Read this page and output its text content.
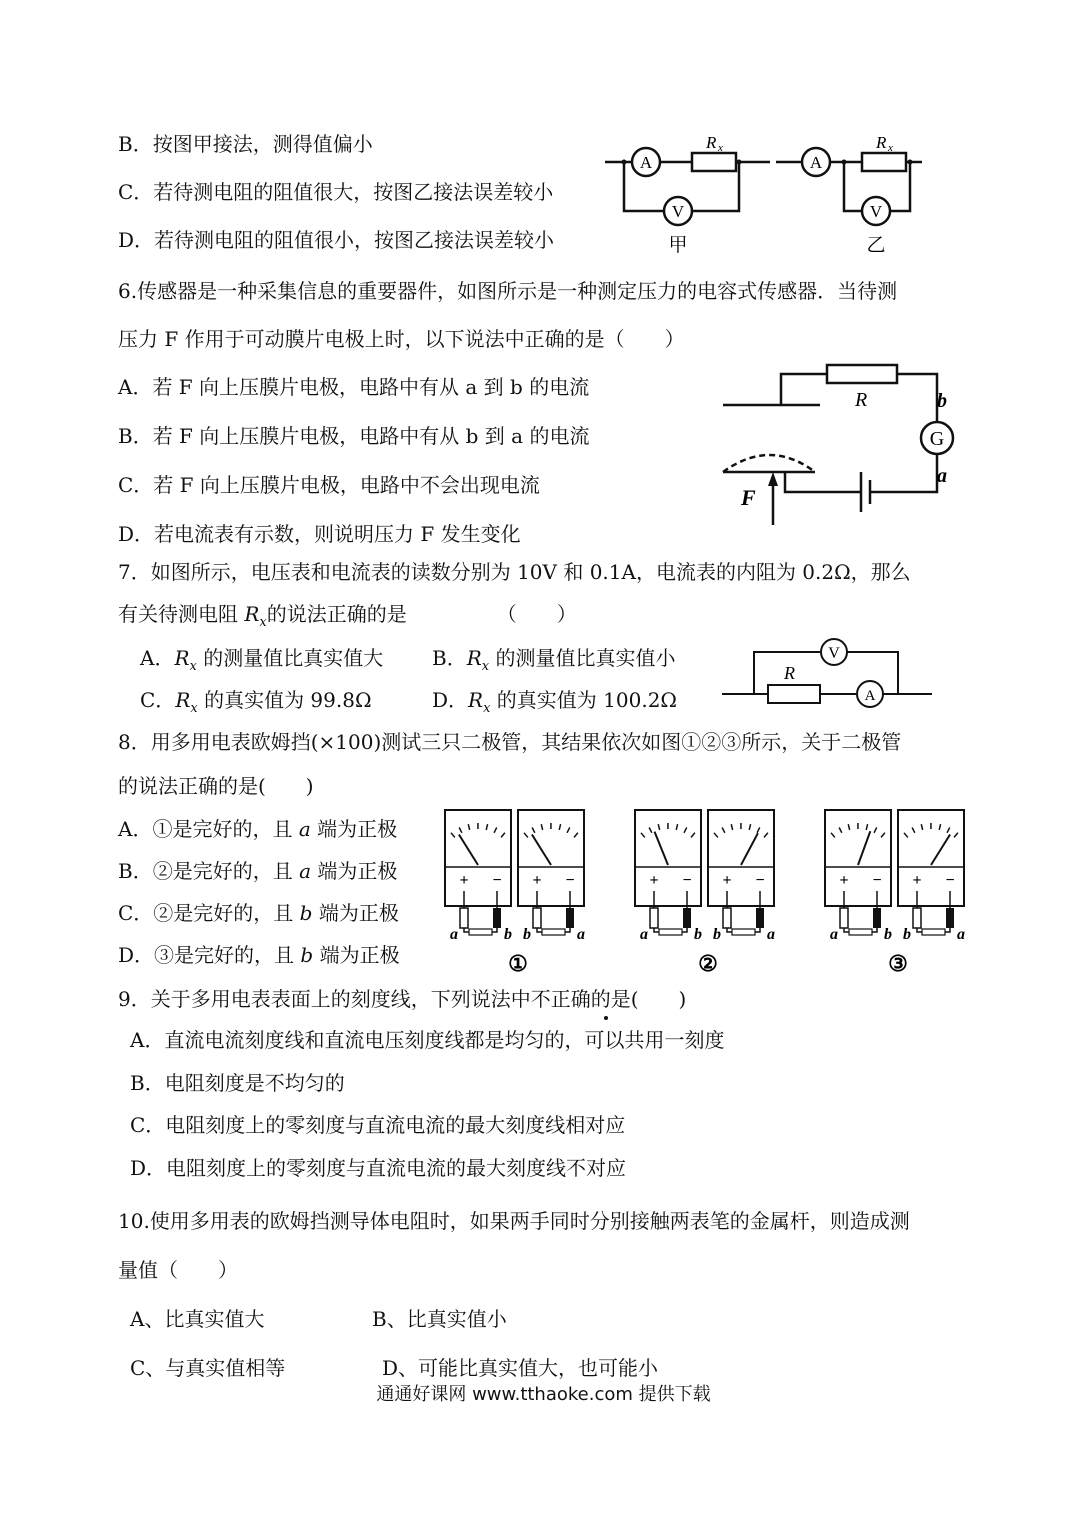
B．按图甲接法，测得值偏小
C．若待测电阻的阻值很大，按图乙接法误差较小
D．若待测电阻的阻值很小，按图乙接法误差较小
A
V
R x
A
V
R x
甲	乙
6.传感器是一种采集信息的重要器件，如图所示是一种测定压力的电容式传感器．当待测
压力 F 作用于可动膜片电极上时，以下说法中正确的是（　　）
A．若 F 向上压膜片电极，电路中有从 a 到 b 的电流
B．若 F 向上压膜片电极，电路中有从 b 到 a 的电流
C．若 F 向上压膜片电极，电路中不会出现电流
D．若电流表有示数，则说明压力 F 发生变化
R	b
G
a
F
7．如图所示，电压表和电流表的读数分别为 10V 和 0.1A，电流表的内阻为 0.2Ω，那么
有关待测电阻 $R_x$的说法正确的是　　　　　（　　）
A．$R_x$ 的测量值比真实值大 B．$R_x$ 的测量值比真实值小
C．$R_x$ 的真实值为 99.8Ω	D．$R_x$ 的真实值为 100.2Ω
V
R
A
8．用多用电表欧姆挡(×100)测试三只二极管，其结果依次如图①②③所示，关于二极管
的说法正确的是(　　)
A．①是完好的，且 a 端为正极
B．②是完好的，且 a 端为正极
C．②是完好的，且 b 端为正极
D．③是完好的，且 b 端为正极
+ −
a	b
+ −
b	a
+ −
a	b
+ −
b	a
+ −
a	b
+ −
b	a
①	②	③
9．关于多用电表表面上的刻度线，下列说法中不正确的是(　　)
A．直流电流刻度线和直流电压刻度线都是均匀的，可以共用一刻度
B．电阻刻度是不均匀的
C．电阻刻度上的零刻度与直流电流的最大刻度线相对应
D．电阻刻度上的零刻度与直流电流的最大刻度线不对应
10.使用多用表的欧姆挡测导体电阻时，如果两手同时分别接触两表笔的金属杆，则造成测
量值（　　）
A、比真实值大	B、比真实值小
C、与真实值相等	D、可能比真实值大，也可能小
通通好课网 www.tthaoke.com 提供下载
